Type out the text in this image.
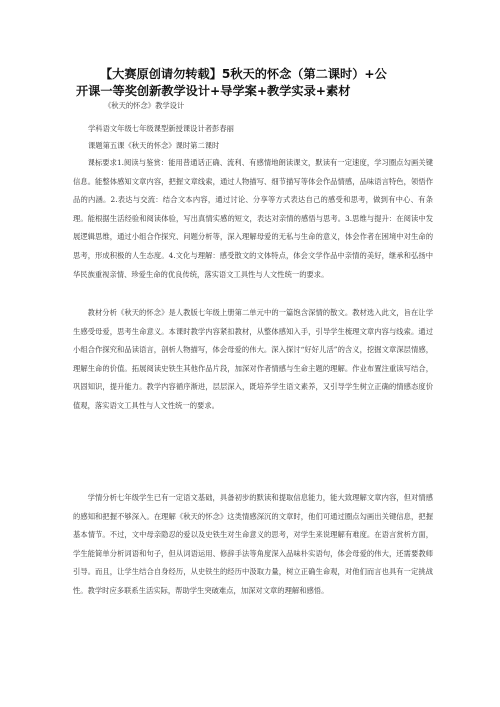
【大赛原创请勿转载】5秋天的怀念（第二课时）+公
开课一等奖创新教学设计+导学案+教学实录+素材
《秋天的怀念》教学设计
学科语文年级七年级课型新授课设计者彭春丽
课题第五课《秋天的怀念》课时第二课时
课标要求1.阅读与鉴赏：能用普通话正确、流利、有感情地朗读课文，默读有一定速度，学习圈点勾画关键信息。能整体感知文章内容，把握文章线索，通过人物描写、细节描写等体会作品情感，品味语言特色，领悟作品的内涵。2.表达与交流：结合文本内容，通过讨论、分享等方式表达自己的感受和思考，做到有中心、有条理。能根据生活经验和阅读体验，写出真情实感的短文，表达对亲情的感悟与思考。3.思维与提升：在阅读中发展逻辑思维，通过小组合作探究、问题分析等，深入理解母爱的无私与生命的意义，体会作者在困境中对生命的思考，形成积极的人生态度。4.文化与理解：感受散文的文体特点，体会文学作品中亲情的美好，继承和弘扬中华民族重视亲情、珍爱生命的优良传统，落实语文工具性与人文性统一的要求。
教材分析《秋天的怀念》是人教版七年级上册第二单元中的一篇饱含深情的散文。教材选入此文，旨在让学生感受母爱，思考生命意义。本课时教学内容紧扣教材，从整体感知入手，引导学生梳理文章内容与线索。通过小组合作探究和品读语言，剖析人物描写，体会母爱的伟大。深入探讨“好好儿活”的含义，挖掘文章深层情感，理解生命的价值。拓展阅读史铁生其他作品片段，加深对作者情感与生命主题的理解。作业布置注重读写结合，巩固知识，提升能力。教学内容循序渐进，层层深入，既培养学生语文素养，又引导学生树立正确的情感态度价值观，落实语文工具性与人文性统一的要求。
学情分析七年级学生已有一定语文基础，具备初步的默读和提取信息能力，能大致理解文章内容，但对情感的感知和把握不够深入。在理解《秋天的怀念》这类情感深沉的文章时，他们可通过圈点勾画出关键信息，把握基本情节。不过，文中母亲隐忍的爱以及史铁生对生命意义的思考，对学生来说理解有难度。在语言赏析方面，学生能简单分析词语和句子，但从词语运用、修辞手法等角度深入品味朴实语句，体会母爱的伟大，还需要教师引导。而且，让学生结合自身经历，从史铁生的经历中汲取力量，树立正确生命观，对他们而言也具有一定挑战性。教学时应多联系生活实际，帮助学生突破难点，加深对文章的理解和感悟。
